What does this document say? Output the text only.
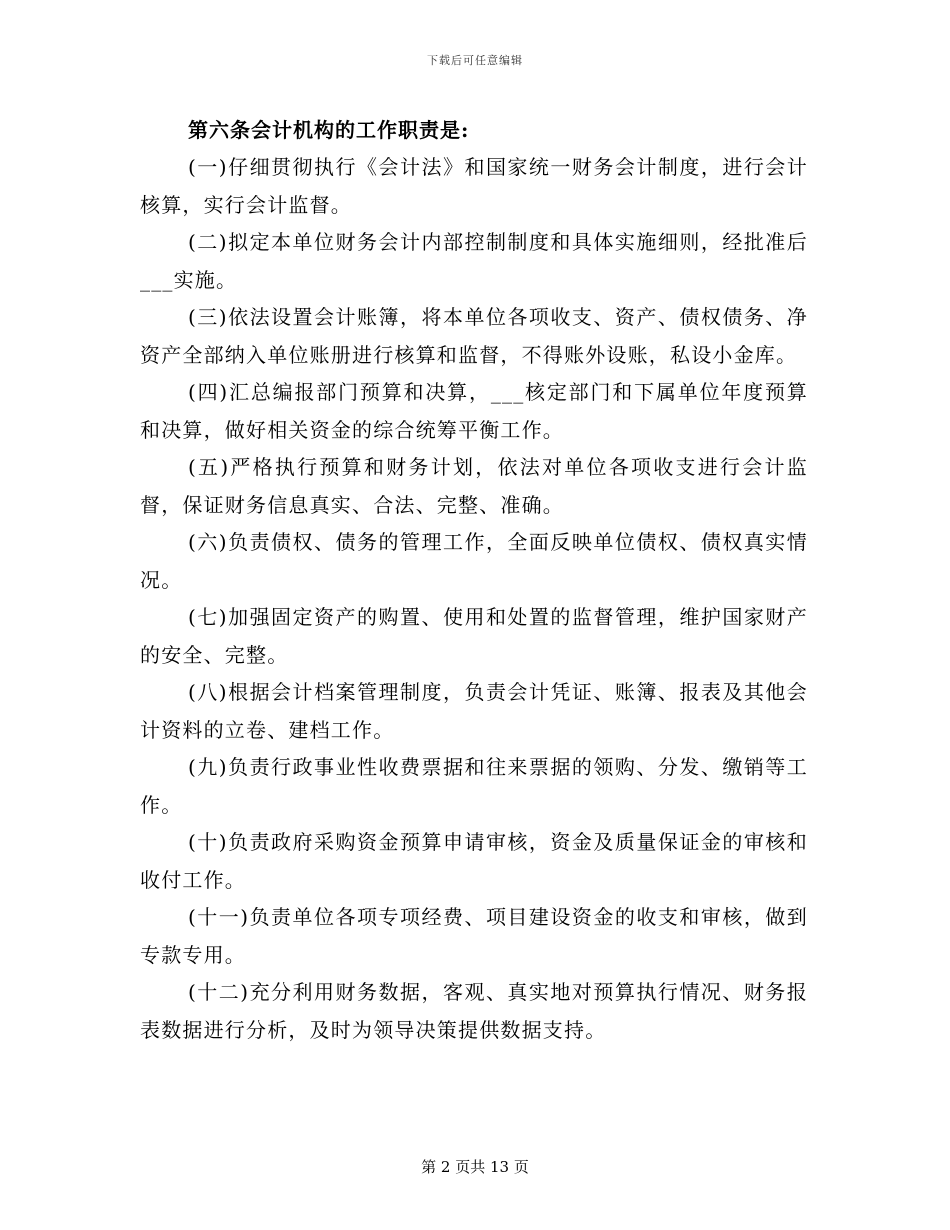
下载后可任意编辑

第六条会计机构的工作职责是:

(一)仔细贯彻执行《会计法》和国家统一财务会计制度，进行会计核算，实行会计监督。

(二)拟定本单位财务会计内部控制制度和具体实施细则，经批准后___实施。

(三)依法设置会计账簿，将本单位各项收支、资产、债权债务、净资产全部纳入单位账册进行核算和监督，不得账外设账，私设小金库。

(四)汇总编报部门预算和决算，___核定部门和下属单位年度预算和决算，做好相关资金的综合统筹平衡工作。

(五)严格执行预算和财务计划，依法对单位各项收支进行会计监督，保证财务信息真实、合法、完整、准确。

(六)负责债权、债务的管理工作，全面反映单位债权、债权真实情况。

(七)加强固定资产的购置、使用和处置的监督管理，维护国家财产的安全、完整。

(八)根据会计档案管理制度，负责会计凭证、账簿、报表及其他会计资料的立卷、建档工作。

(九)负责行政事业性收费票据和往来票据的领购、分发、缴销等工作。

(十)负责政府采购资金预算申请审核，资金及质量保证金的审核和收付工作。

(十一)负责单位各项专项经费、项目建设资金的收支和审核，做到专款专用。

(十二)充分利用财务数据，客观、真实地对预算执行情况、财务报表数据进行分析，及时为领导决策提供数据支持。

第 2 页共 13 页
